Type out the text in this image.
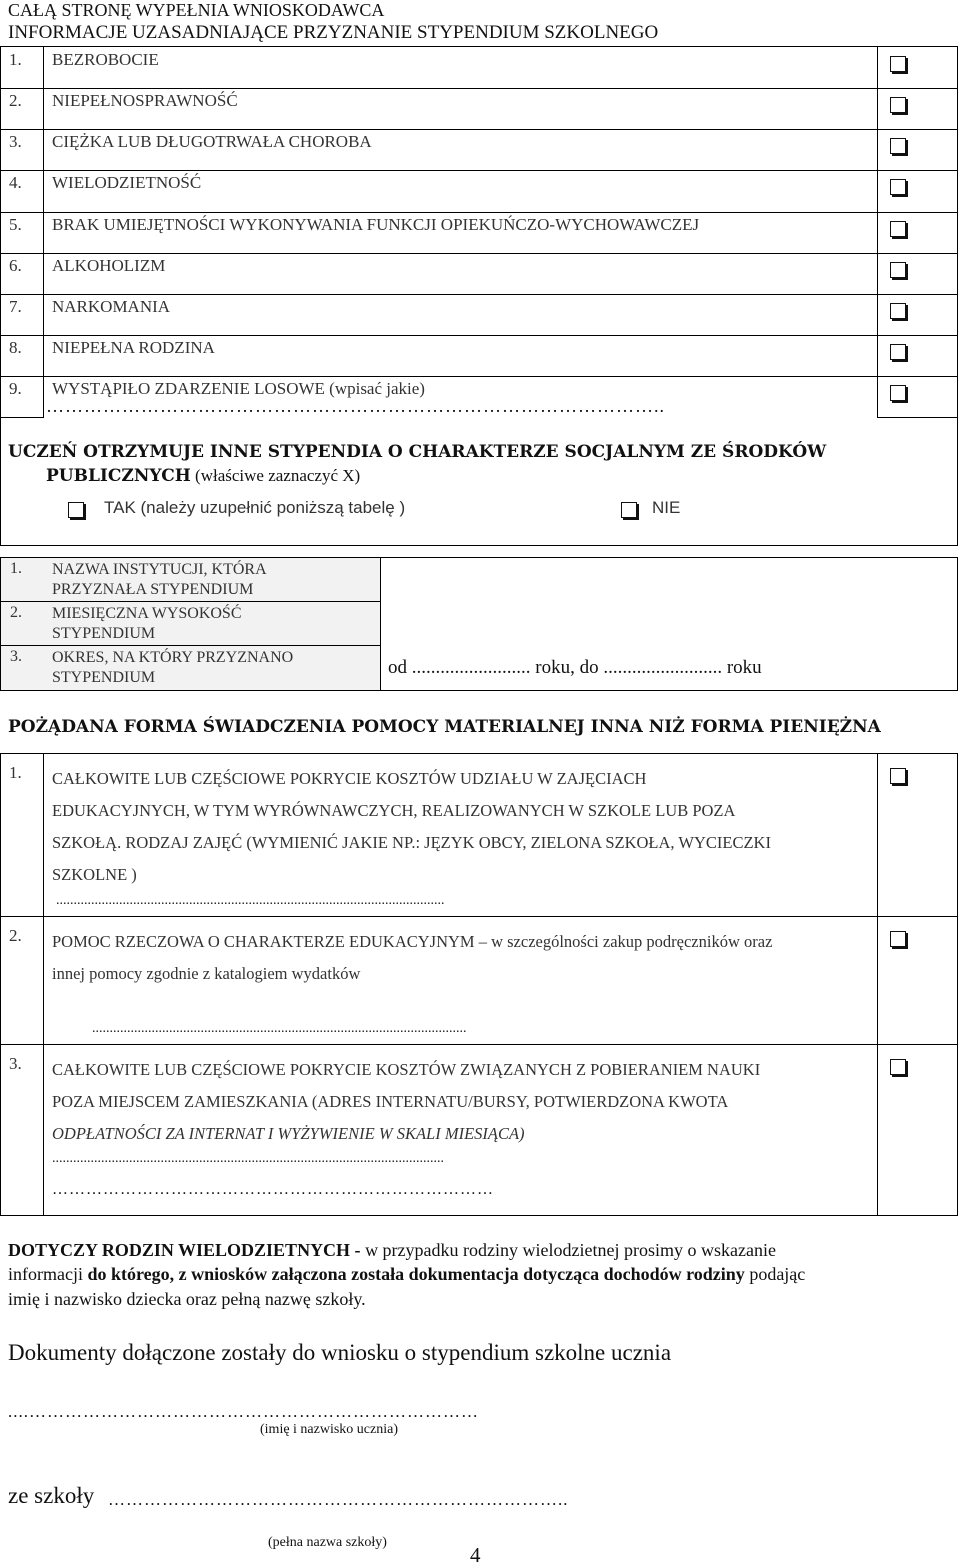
CAŁĄ STRONĘ WYPEŁNIA WNIOSKODAWCA
INFORMACJE UZASADNIAJĄCE PRZYZNANIE STYPENDIUM SZKOLNEGO
1. BEZROBOCIE
2. NIEPEŁNOSPRAWNOŚĆ
3. CIĘŻKA LUB DŁUGOTRWAŁA CHOROBA
4. WIELODZIETNOŚĆ
5. BRAK UMIEJĘTNOŚCI WYKONYWANIA FUNKCJI OPIEKUŃCZO-WYCHOWAWCZEJ
6. ALKOHOLIZM
7. NARKOMANIA
8. NIEPEŁNA RODZINA
9. WYSTĄPIŁO ZDARZENIE LOSOWE (wpisać jakie)
……………………………………………………………………………………..
UCZEŃ OTRZYMUJE INNE STYPENDIA O CHARAKTERZE SOCJALNYM ZE ŚRODKÓW
PUBLICZNYCH (właściwe zaznaczyć X)
TAK (należy uzupełnić poniższą tabelę )	NIE
1. NAZWA INSTYTUCJI, KTÓRA
PRZYZNAŁA STYPENDIUM
2. MIESIĘCZNA WYSOKOŚĆ
STYPENDIUM
3. OKRES, NA KTÓRY PRZYZNANO
STYPENDIUM	od ......................... roku, do ......................... roku
POŻĄDANA FORMA ŚWIADCZENIA POMOCY MATERIALNEJ INNA NIŻ FORMA PIENIĘŻNA
1. CAŁKOWITE LUB CZĘŚCIOWE POKRYCIE KOSZTÓW UDZIAŁU W ZAJĘCIACH
EDUKACYJNYCH, W TYM WYRÓWNAWCZYCH, REALIZOWANYCH W SZKOLE LUB POZA
SZKOŁĄ. RODZAJ ZAJĘĆ (WYMIENIĆ JAKIE NP.: JĘZYK OBCY, ZIELONA SZKOŁA, WYCIECZKI
SZKOLNE )
...............................................................................................................
2. POMOC RZECZOWA O CHARAKTERZE EDUKACYJNYM – w szczególności zakup podręczników oraz
innej pomocy zgodnie z katalogiem wydatków
...........................................................................................................
3. CAŁKOWITE LUB CZĘŚCIOWE POKRYCIE KOSZTÓW ZWIĄZANYCH Z POBIERANIEM NAUKI
POZA MIEJSCEM ZAMIESZKANIA (ADRES INTERNATU/BURSY, POTWIERDZONA KWOTA
ODPŁATNOŚCI ZA INTERNAT I WYŻYWIENIE W SKALI MIESIĄCA)
................................................................................................................
……………………………………………………………………
DOTYCZY RODZIN WIELODZIETNYCH - w przypadku rodziny wielodzietnej prosimy o wskazanie
informacji do którego, z wniosków załączona została dokumentacja dotycząca dochodów rodziny podając
imię i nazwisko dziecka oraz pełną nazwę szkoły.
Dokumenty dołączone zostały do wniosku o stypendium szkolne ucznia
....…………………………………………………………………
(imię i nazwisko ucznia)
ze szkoły …………………………………………………………………..
(pełna nazwa szkoły)
4
